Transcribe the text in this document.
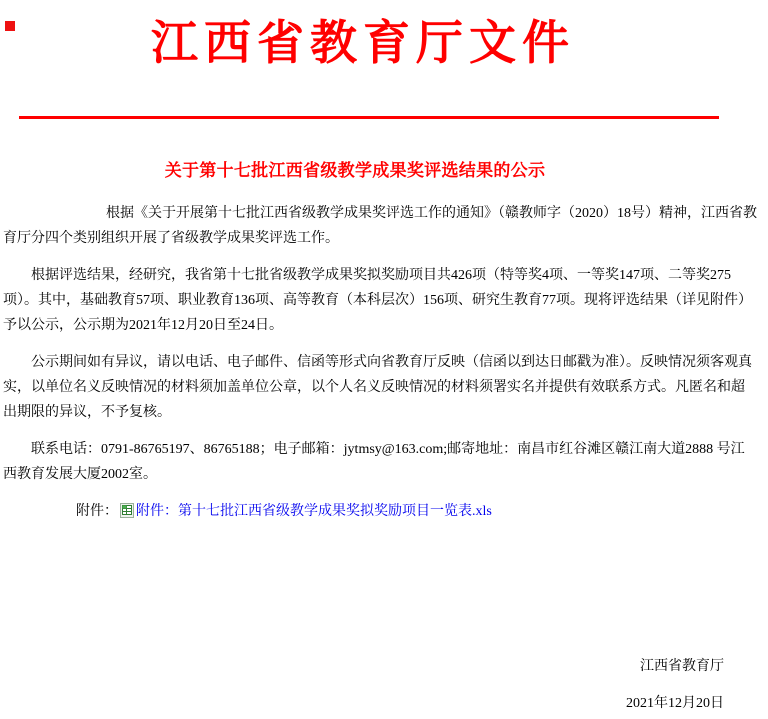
江西省教育厅文件
关于第十七批江西省级教学成果奖评选结果的公示

根据《关于开展第十七批江西省级教学成果奖评选工作的通知》（赣教师字（2020）18号）精神，江西省教育厅分四个类别组织开展了省级教学成果奖评选工作。

根据评选结果，经研究，我省第十七批省级教学成果奖拟奖励项目共426项（特等奖4项、一等奖147项、二等奖275项）。其中，基础教育57项、职业教育136项、高等教育（本科层次）156项、研究生教育77项。现将评选结果（详见附件）予以公示，公示期为2021年12月20日至24日。

公示期间如有异议，请以电话、电子邮件、信函等形式向省教育厅反映（信函以到达日邮戳为准）。反映情况须客观真实，以单位名义反映情况的材料须加盖单位公章，以个人名义反映情况的材料须署实名并提供有效联系方式。凡匿名和超出期限的异议，不予复核。

联系电话：0791-86765197、86765188；电子邮箱：jytmsy@163.com;邮寄地址：南昌市红谷滩区赣江南大道2888 号江西教育发展大厦2002室。

附件： 附件：第十七批江西省级教学成果奖拟奖励项目一览表.xls

江西省教育厅

2021年12月20日
